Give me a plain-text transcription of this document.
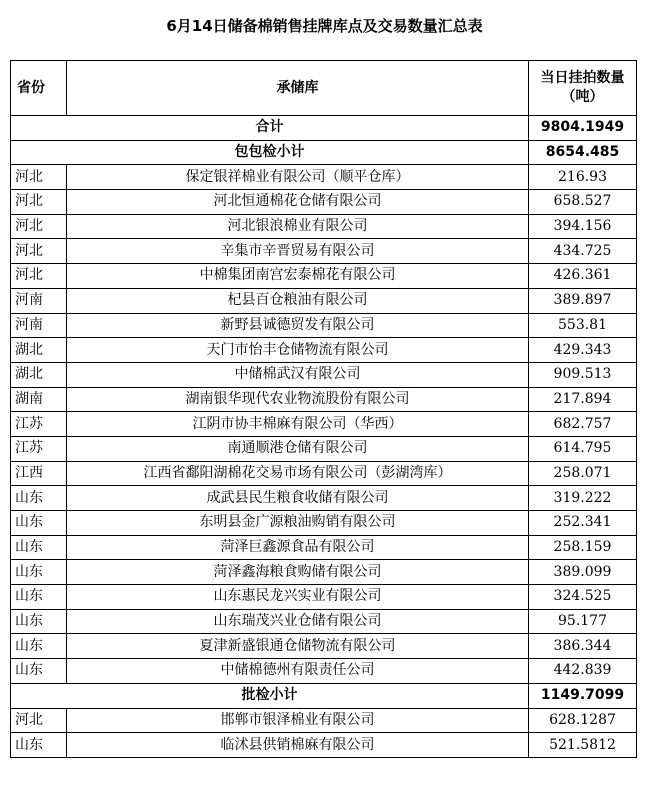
6月14日储备棉销售挂牌库点及交易数量汇总表
省份	承储库	当日挂拍数量
（吨）

合计		9804.1949
包包检小计		8654.485
河北	保定银祥棉业有限公司（顺平仓库）	216.93
河北	河北恒通棉花仓储有限公司	658.527
河北	河北银浪棉业有限公司	394.156
河北	辛集市辛晋贸易有限公司	434.725
河北	中棉集团南宫宏泰棉花有限公司	426.361
河南	杞县百仓粮油有限公司	389.897
河南	新野县诚德贸发有限公司	553.81
湖北	天门市怡丰仓储物流有限公司	429.343
湖北	中储棉武汉有限公司	909.513
湖南	湖南银华现代农业物流股份有限公司	217.894
江苏	江阴市协丰棉麻有限公司（华西）	682.757
江苏	南通顺港仓储有限公司	614.795
江西	江西省鄱阳湖棉花交易市场有限公司（彭湖湾库）	258.071
山东	成武县民生粮食收储有限公司	319.222
山东	东明县金广源粮油购销有限公司	252.341
山东	菏泽巨鑫源食品有限公司	258.159
山东	菏泽鑫海粮食购储有限公司	389.099
山东	山东惠民龙兴实业有限公司	324.525
山东	山东瑞茂兴业仓储有限公司	95.177
山东	夏津新盛银通仓储物流有限公司	386.344
山东	中储棉德州有限责任公司	442.839
批检小计		1149.7099
河北	邯郸市银泽棉业有限公司	628.1287
山东	临沭县供销棉麻有限公司	521.5812
